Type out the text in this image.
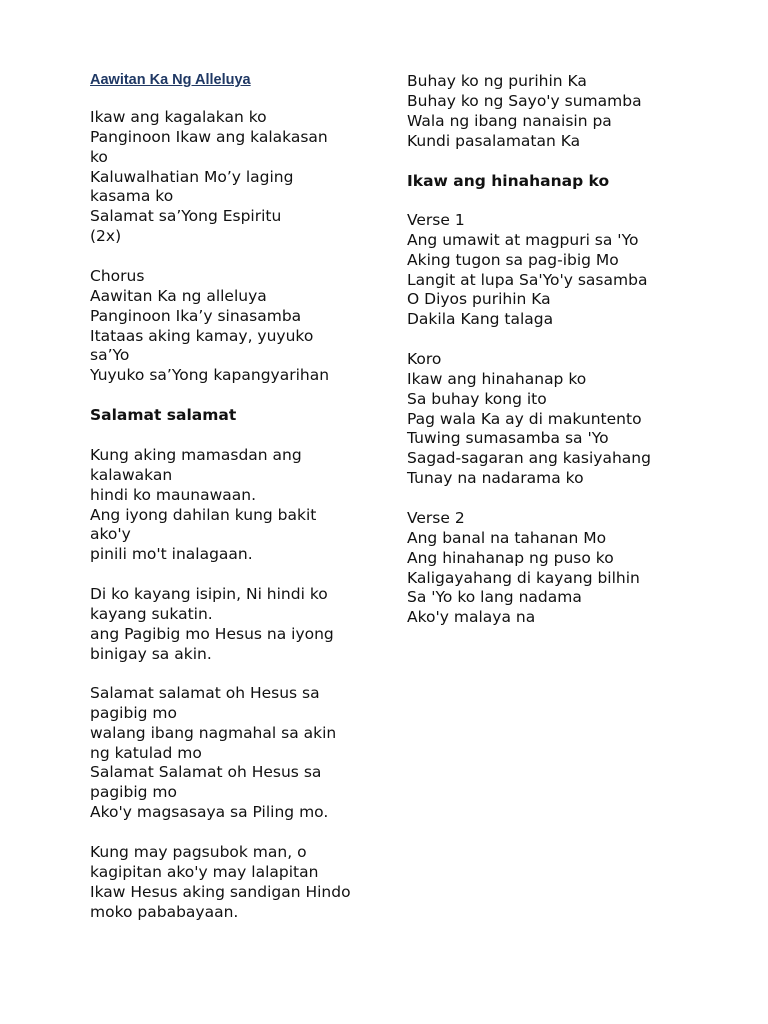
Aawitan Ka Ng Alleluya
Ikaw ang kagalakan ko
Panginoon Ikaw ang kalakasan
ko
Kaluwalhatian Mo’y laging
kasama ko
Salamat sa’Yong Espiritu
(2x)
Chorus
Aawitan Ka ng alleluya
Panginoon Ika’y sinasamba
Itataas aking kamay, yuyuko
sa’Yo
Yuyuko sa’Yong kapangyarihan
Salamat salamat
Kung aking mamasdan ang
kalawakan
hindi ko maunawaan.
Ang iyong dahilan kung bakit
ako'y
pinili mo't inalagaan.
Di ko kayang isipin, Ni hindi ko
kayang sukatin.
ang Pagibig mo Hesus na iyong
binigay sa akin.
Salamat salamat oh Hesus sa
pagibig mo
walang ibang nagmahal sa akin
ng katulad mo
Salamat Salamat oh Hesus sa
pagibig mo
Ako'y magsasaya sa Piling mo.
Kung may pagsubok man, o
kagipitan ako'y may lalapitan
Ikaw Hesus aking sandigan Hindo
moko pababayaan.
Buhay ko ng purihin Ka
Buhay ko ng Sayo'y sumamba
Wala ng ibang nanaisin pa
Kundi pasalamatan Ka
Ikaw ang hinahanap ko
Verse 1
Ang umawit at magpuri sa 'Yo
Aking tugon sa pag-ibig Mo
Langit at lupa Sa'Yo'y sasamba
O Diyos purihin Ka
Dakila Kang talaga
Koro
Ikaw ang hinahanap ko
Sa buhay kong ito
Pag wala Ka ay di makuntento
Tuwing sumasamba sa 'Yo
Sagad-sagaran ang kasiyahang
Tunay na nadarama ko
Verse 2
Ang banal na tahanan Mo
Ang hinahanap ng puso ko
Kaligayahang di kayang bilhin
Sa 'Yo ko lang nadama
Ako'y malaya na
